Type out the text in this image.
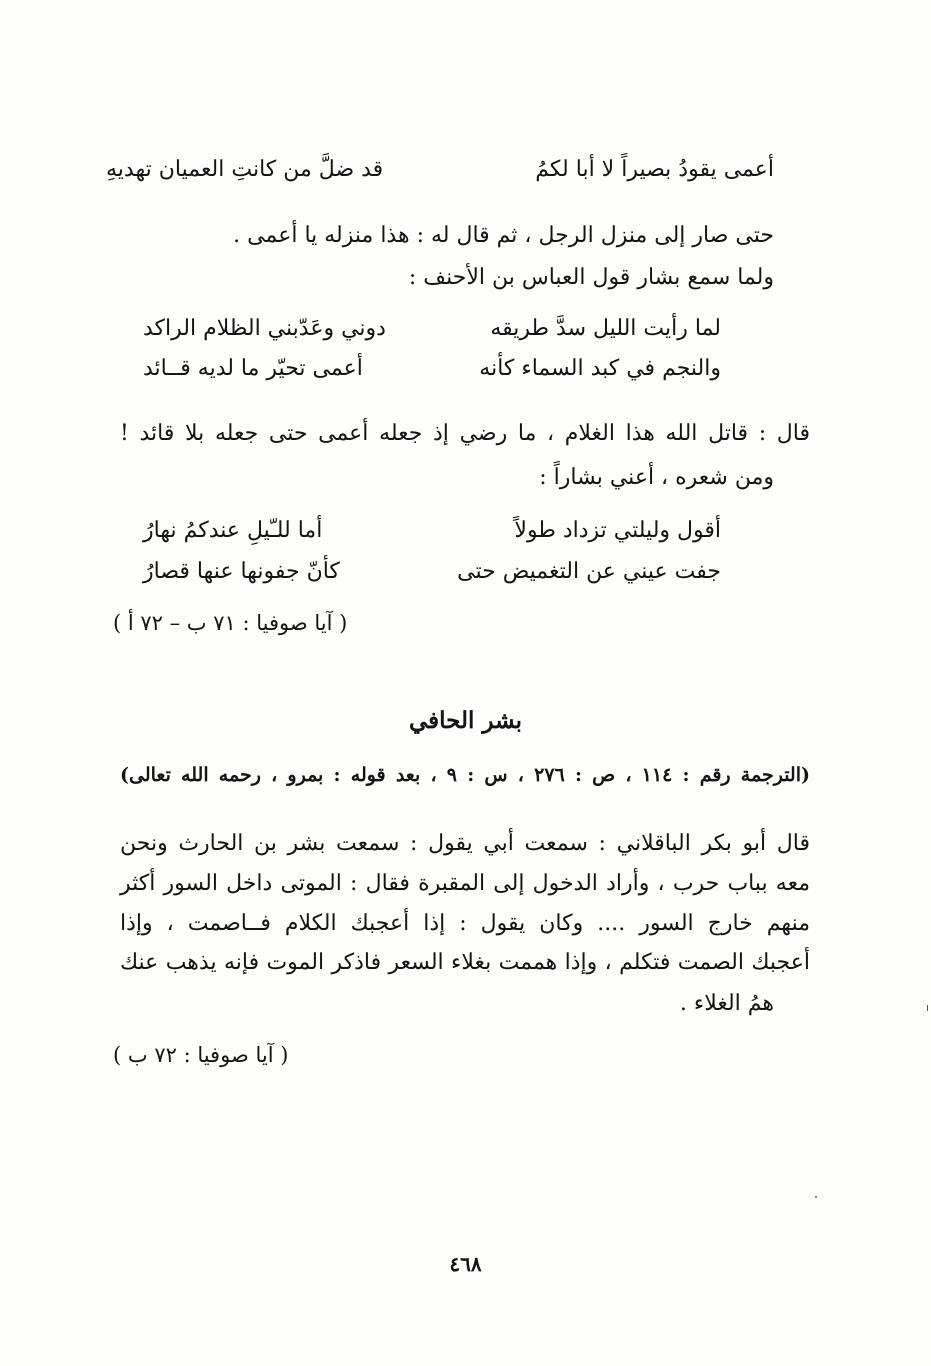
أعمى يقودُ بصيراً لا أبا لكمُ
قد ضلَّ من كانتِ العميان تهديهِ
حتى صار إلى منزل الرجل ، ثم قال له : هذا منزله يا أعمى .
ولما سمع بشار قول العباس بن الأحنف :
لما رأيت الليل سدَّ طريقه
دوني وعَدّبني الظلام الراكد
والنجم في كبد السماء كأنه
أعمى تحيّر ما لديه قــائد
قال : قاتل الله هذا الغلام ، ما رضي إذ جعله أعمى حتى جعله بلا قائد !
ومن شعره ، أعني بشاراً :
أقول وليلتي تزداد طولاً
أما للـّيلِ عندكمُ نهارُ
جفت عيني عن التغميض حتى
كأنّ جفونها عنها قصارُ
( آيا صوفيا : ٧١ ب – ٧٢ أ )
بشر الحافي
(الترجمة رقم : ١١٤ ، ص : ٢٧٦ ، س : ٩ ، بعد قوله : بمرو ، رحمه الله تعالى)
قال أبو بكر الباقلاني : سمعت أبي يقول : سمعت بشر بن الحارث ونحن
معه بباب حرب ، وأراد الدخول إلى المقبرة فقال : الموتى داخل السور أكثر
منهم خارج السور .... وكان يقول : إذا أعجبك الكلام فــاصمت ، وإذا
أعجبك الصمت فتكلم ، وإذا هممت بغلاء السعر فاذكر الموت فإنه يذهب عنك
همُ الغلاء .
( آيا صوفيا : ٧٢ ب )
٤٦٨
